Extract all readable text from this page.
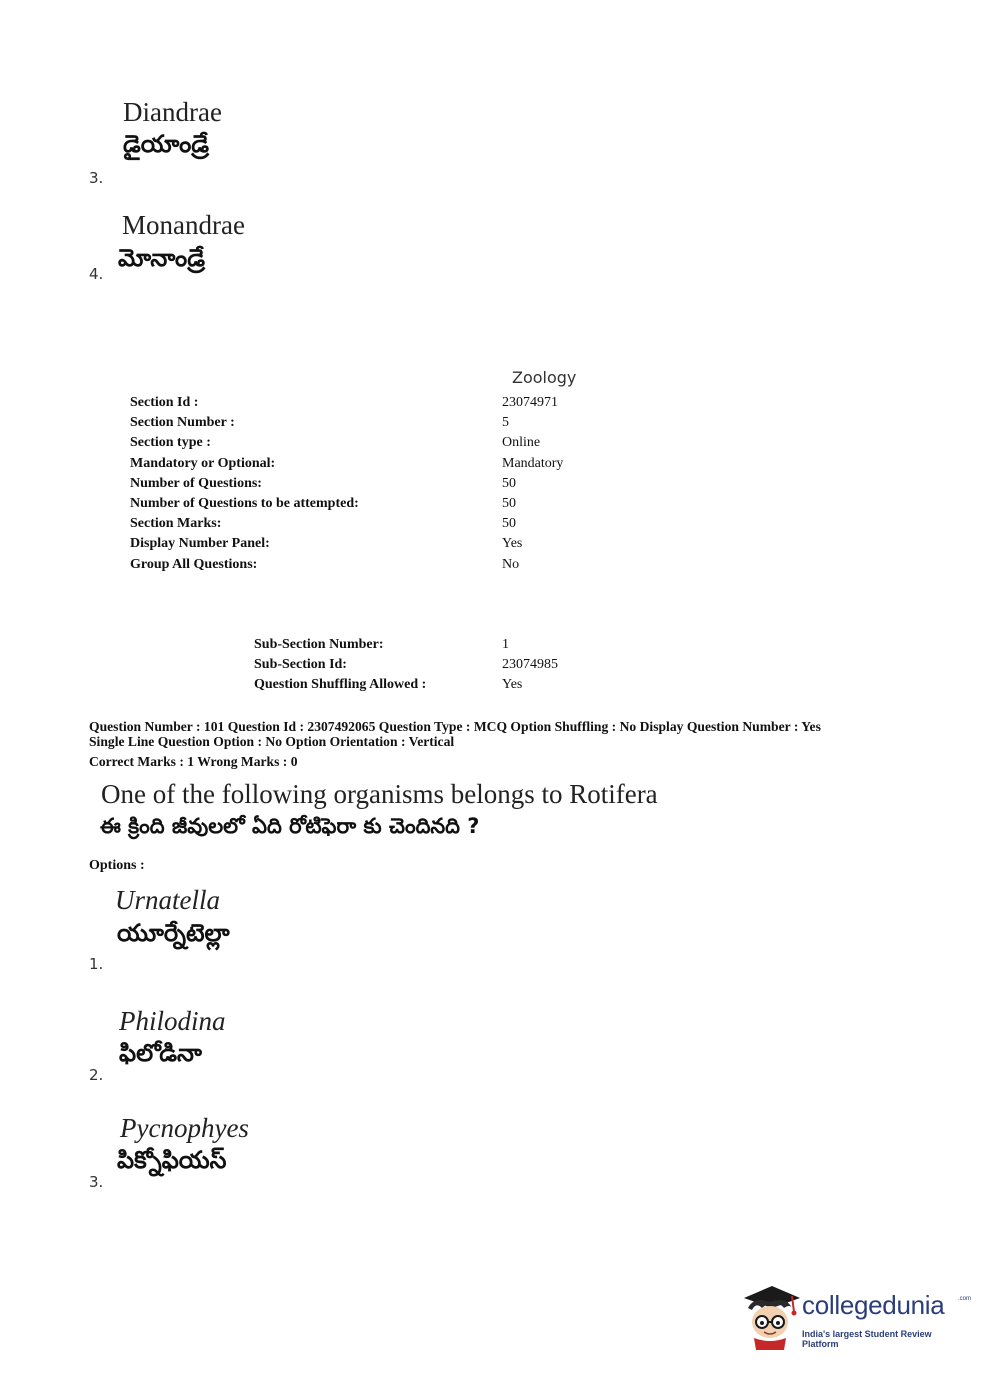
Diandrae
డైయాండ్రే
3.
Monandrae
మోనాండ్రే
4.
Zoology
Section Id :	23074971
Section Number :	5
Section type :	Online
Mandatory or Optional:	Mandatory
Number of Questions:	50
Number of Questions to be attempted:	50
Section Marks:	50
Display Number Panel:	Yes
Group All Questions:	No
Sub-Section Number:	1
Sub-Section Id:	23074985
Question Shuffling Allowed :	Yes
Question Number : 101 Question Id : 2307492065 Question Type : MCQ Option Shuffling : No Display Question Number : Yes
Single Line Question Option : No Option Orientation : Vertical
Correct Marks : 1 Wrong Marks : 0
One of the following organisms belongs to Rotifera
ఈ క్రింది జీవులలో ఏది రోటిఫెరా కు చెందినది ?
Options :
Urnatella
యూర్నేటెల్లా
1.
Philodina
ఫిలోడినా
2.
Pycnophyes
పిక్నోఫియస్
3.
collegedunia .com
India's largest Student Review Platform
